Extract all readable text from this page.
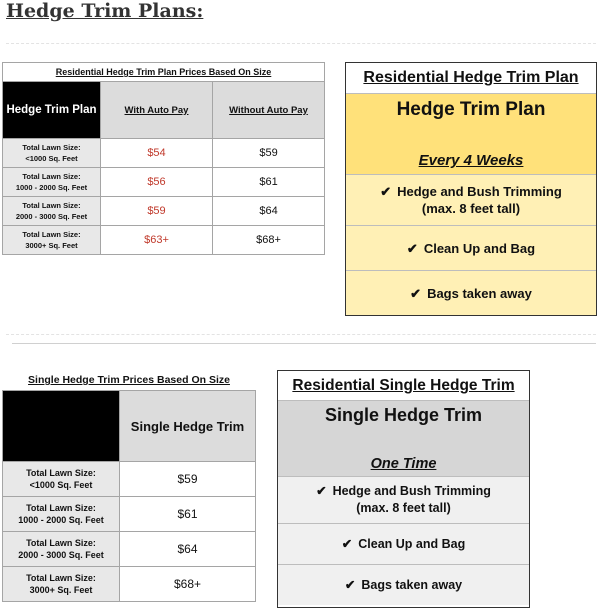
Hedge Trim Plans:
Residential Hedge Trim Plan Prices Based On Size		
Hedge Trim Plan	With Auto Pay	Without Auto Pay
Total Lawn Size:
<1000 Sq. Feet	$54	$59
Total Lawn Size:
1000 - 2000 Sq. Feet	$56	$61
Total Lawn Size:
2000 - 3000 Sq. Feet	$59	$64
Total Lawn Size:
3000+ Sq. Feet	$63+	$68+
Residential Hedge Trim Plan
Hedge Trim Plan
Every 4 Weeks
✔ Hedge and Bush Trimming
(max. 8 feet tall)
✔ Clean Up and Bag
✔ Bags taken away
Single Hedge Trim Prices Based On Size	
	Single Hedge Trim
Total Lawn Size:
<1000 Sq. Feet	$59
Total Lawn Size:
1000 - 2000 Sq. Feet	$61
Total Lawn Size:
2000 - 3000 Sq. Feet	$64
Total Lawn Size:
3000+ Sq. Feet	$68+
Residential Single Hedge Trim
Single Hedge Trim
One Time
✔ Hedge and Bush Trimming
(max. 8 feet tall)
✔ Clean Up and Bag
✔ Bags taken away
